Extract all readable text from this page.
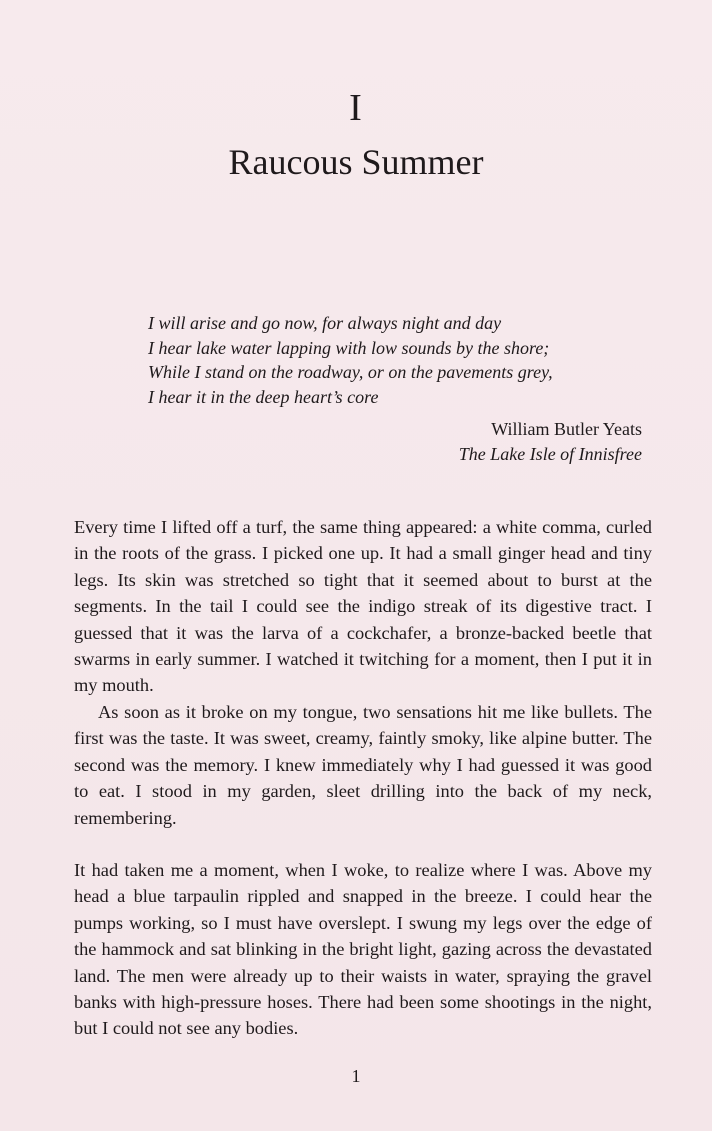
I
Raucous Summer
I will arise and go now, for always night and day
I hear lake water lapping with low sounds by the shore;
While I stand on the roadway, or on the pavements grey,
I hear it in the deep heart’s core
William Butler Yeats
The Lake Isle of Innisfree

Every time I lifted off a turf, the same thing appeared: a white comma, curled in the roots of the grass. I picked one up. It had a small ginger head and tiny legs. Its skin was stretched so tight that it seemed about to burst at the segments. In the tail I could see the indigo streak of its digestive tract. I guessed that it was the larva of a cockchafer, a bronze-backed beetle that swarms in early summer. I watched it twitching for a moment, then I put it in my mouth.

As soon as it broke on my tongue, two sensations hit me like bullets. The first was the taste. It was sweet, creamy, faintly smoky, like alpine butter. The second was the memory. I knew immediately why I had guessed it was good to eat. I stood in my garden, sleet drilling into the back of my neck, remembering.

It had taken me a moment, when I woke, to realize where I was. Above my head a blue tarpaulin rippled and snapped in the breeze. I could hear the pumps working, so I must have overslept. I swung my legs over the edge of the hammock and sat blinking in the bright light, gazing across the devastated land. The men were already up to their waists in water, spraying the gravel banks with high-pressure hoses. There had been some shootings in the night, but I could not see any bodies.

1
